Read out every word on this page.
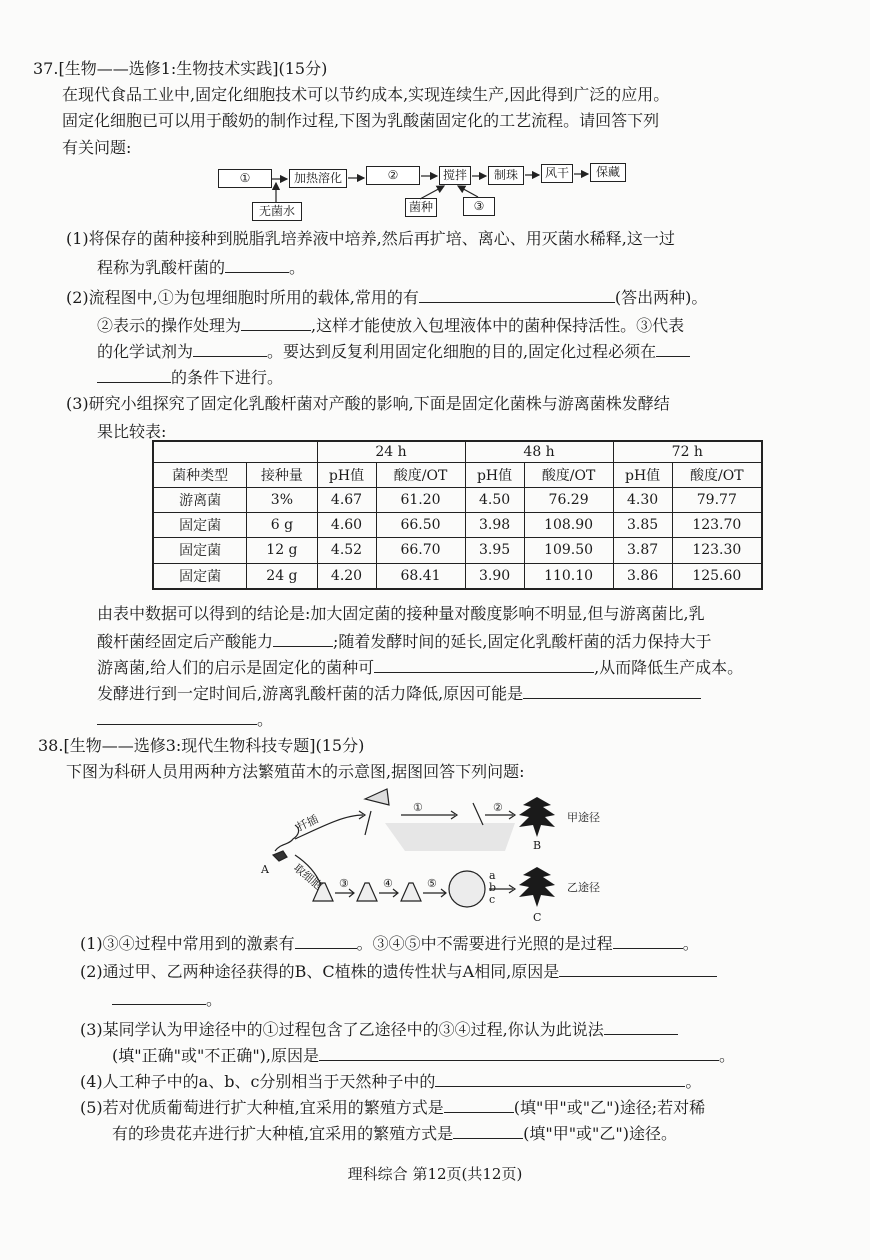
37.[生物——选修1:生物技术实践](15分)
在现代食品工业中,固定化细胞技术可以节约成本,实现连续生产,因此得到广泛的应用。
固定化细胞已可以用于酸奶的制作过程,下图为乳酸菌固定化的工艺流程。请回答下列
有关问题:
①	加热溶化	②	搅拌	制珠	风干	保藏
无菌水	菌种	③
(1)将保存的菌种接种到脱脂乳培养液中培养,然后再扩培、离心、用灭菌水稀释,这一过
程称为乳酸杆菌的	。
(2)流程图中,①为包埋细胞时所用的载体,常用的有	(答出两种)。
②表示的操作处理为	,这样才能使放入包埋液体中的菌种保持活性。③代表
的化学试剂为	。要达到反复利用固定化细胞的目的,固定化过程必须在
的条件下进行。
(3)研究小组探究了固定化乳酸杆菌对产酸的影响,下面是固定化菌株与游离菌株发酵结
果比较表:
		24 h		48 h		72 h	
菌种类型	接种量	pH值	酸度/OT	pH值	酸度/OT	pH值	酸度/OT
游离菌	3%	4.67	61.20	4.50	76.29	4.30	79.77
固定菌	6 g	4.60	66.50	3.98	108.90	3.85	123.70
固定菌	12 g	4.52	66.70	3.95	109.50	3.87	123.30
固定菌	24 g	4.20	68.41	3.90	110.10	3.86	125.60
由表中数据可以得到的结论是:加大固定菌的接种量对酸度影响不明显,但与游离菌比,乳
酸杆菌经固定后产酸能力	;随着发酵时间的延长,固定化乳酸杆菌的活力保持大于
游离菌,给人们的启示是固定化的菌种可	,从而降低生产成本。
发酵进行到一定时间后,游离乳酸杆菌的活力降低,原因可能是
。
38.[生物——选修3:现代生物科技专题](15分)
下图为科研人员用两种方法繁殖苗木的示意图,据图回答下列问题:
扦插
取细胞
A
①	②
③	④	⑤
a
b
c
甲途径
乙途径
B
C
(1)③④过程中常用到的激素有	。③④⑤中不需要进行光照的是过程	。
(2)通过甲、乙两种途径获得的B、C植株的遗传性状与A相同,原因是
。
(3)某同学认为甲途径中的①过程包含了乙途径中的③④过程,你认为此说法
(填"正确"或"不正确"),原因是	。
(4)人工种子中的a、b、c分别相当于天然种子中的	。
(5)若对优质葡萄进行扩大种植,宜采用的繁殖方式是	(填"甲"或"乙")途径;若对稀
有的珍贵花卉进行扩大种植,宜采用的繁殖方式是	(填"甲"或"乙")途径。
理科综合 第12页(共12页)
